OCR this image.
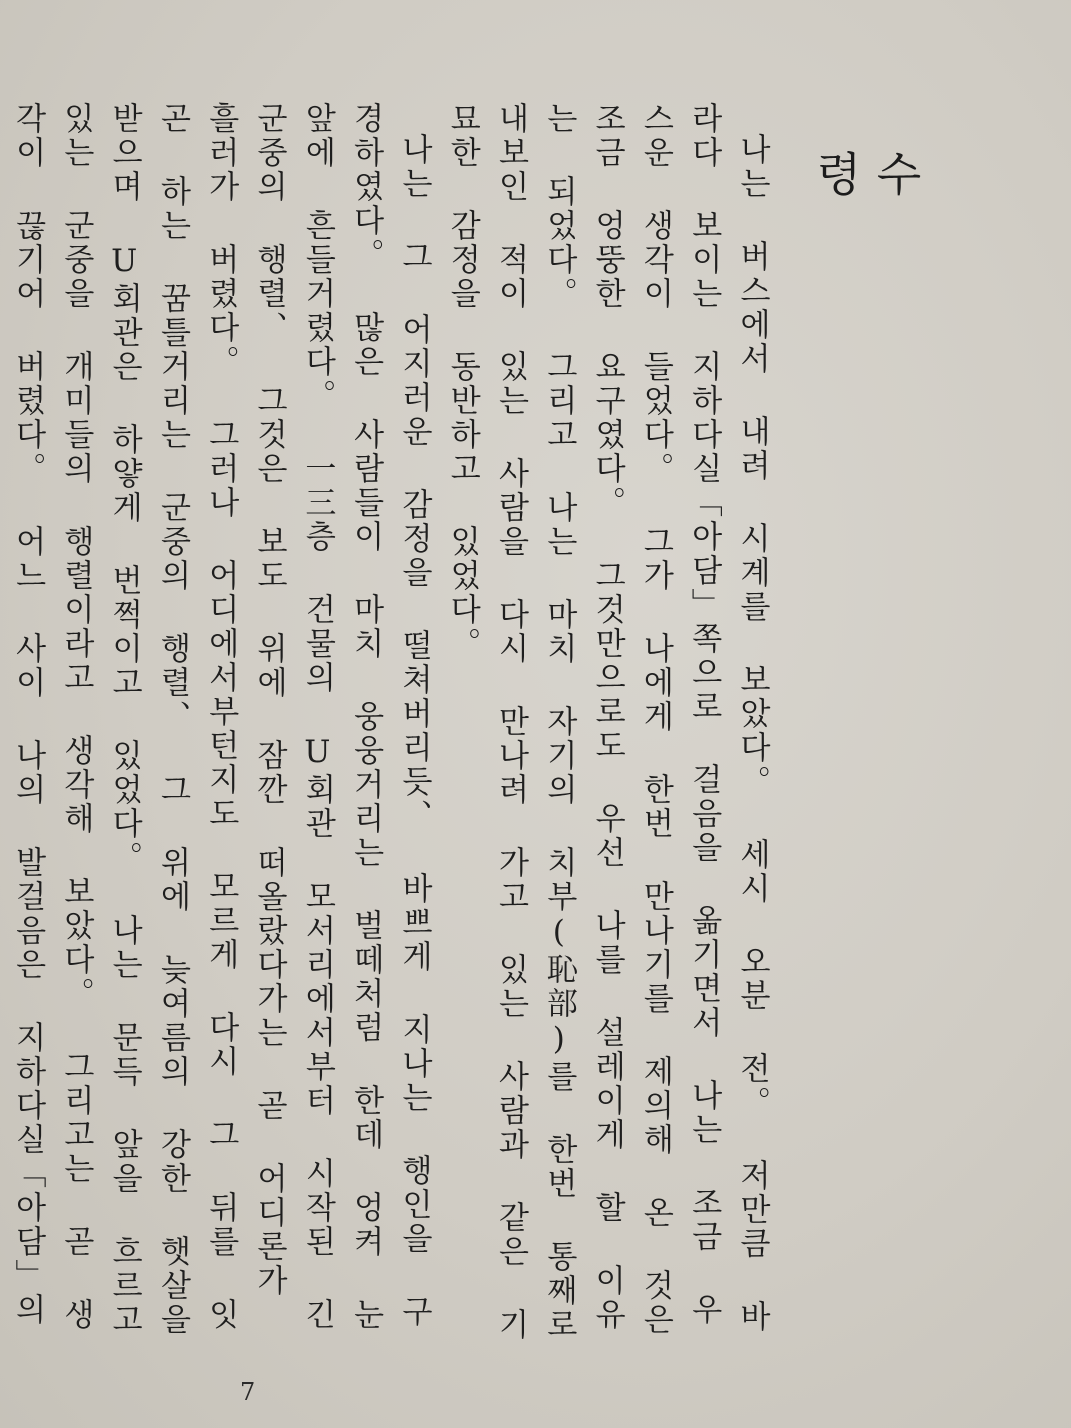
수 령

나는 버스에서 내려 시계를 보았다。 세시 오분 전。 저만큼 바라다 보이는 지하다실「아담」쪽으로 걸음을 옮기면서 나는 조금 우스운 생각이 들었다。 그가 나에게 한번 만나기를 제의해 온 것은 조금 엉뚱한 요구였다。 그것만으로도 우선 나를 설레이게 할 이유는 되었다。 그리고 나는 마치 자기의 치부(恥部)를 한번 통째로 내보인 적이 있는 사람을 다시 만나려 가고 있는 사람과 같은 기묘한 감정을 동반하고 있었다。

나는 그 어지러운 감정을 떨쳐버리듯、 바쁘게 지나는 행인을 구경하였다。 많은 사람들이 마치 웅웅거리는 벌떼처럼 한데 엉켜 눈앞에 흔들거렸다。 一三층 건물의 U회관 모서리에서부터 시작된 긴 군중의 행렬、 그것은 보도 위에 잠깐 떠올랐다가는 곧 어디론가 흘러가 버렸다。 그러나 어디에서부턴지도 모르게 다시 그 뒤를 잇곤 하는 꿈틀거리는 군중의 행렬、 그 위에 늦여름의 강한 햇살을 받으며 U회관은 하얗게 번쩍이고 있었다。 나는 문득 앞을 흐르고 있는 군중을 개미들의 행렬이라고 생각해 보았다。 그리고는 곧 생각이 끊기어 버렸다。 어느 사이 나의 발걸음은 지하다실「아담」의

7
